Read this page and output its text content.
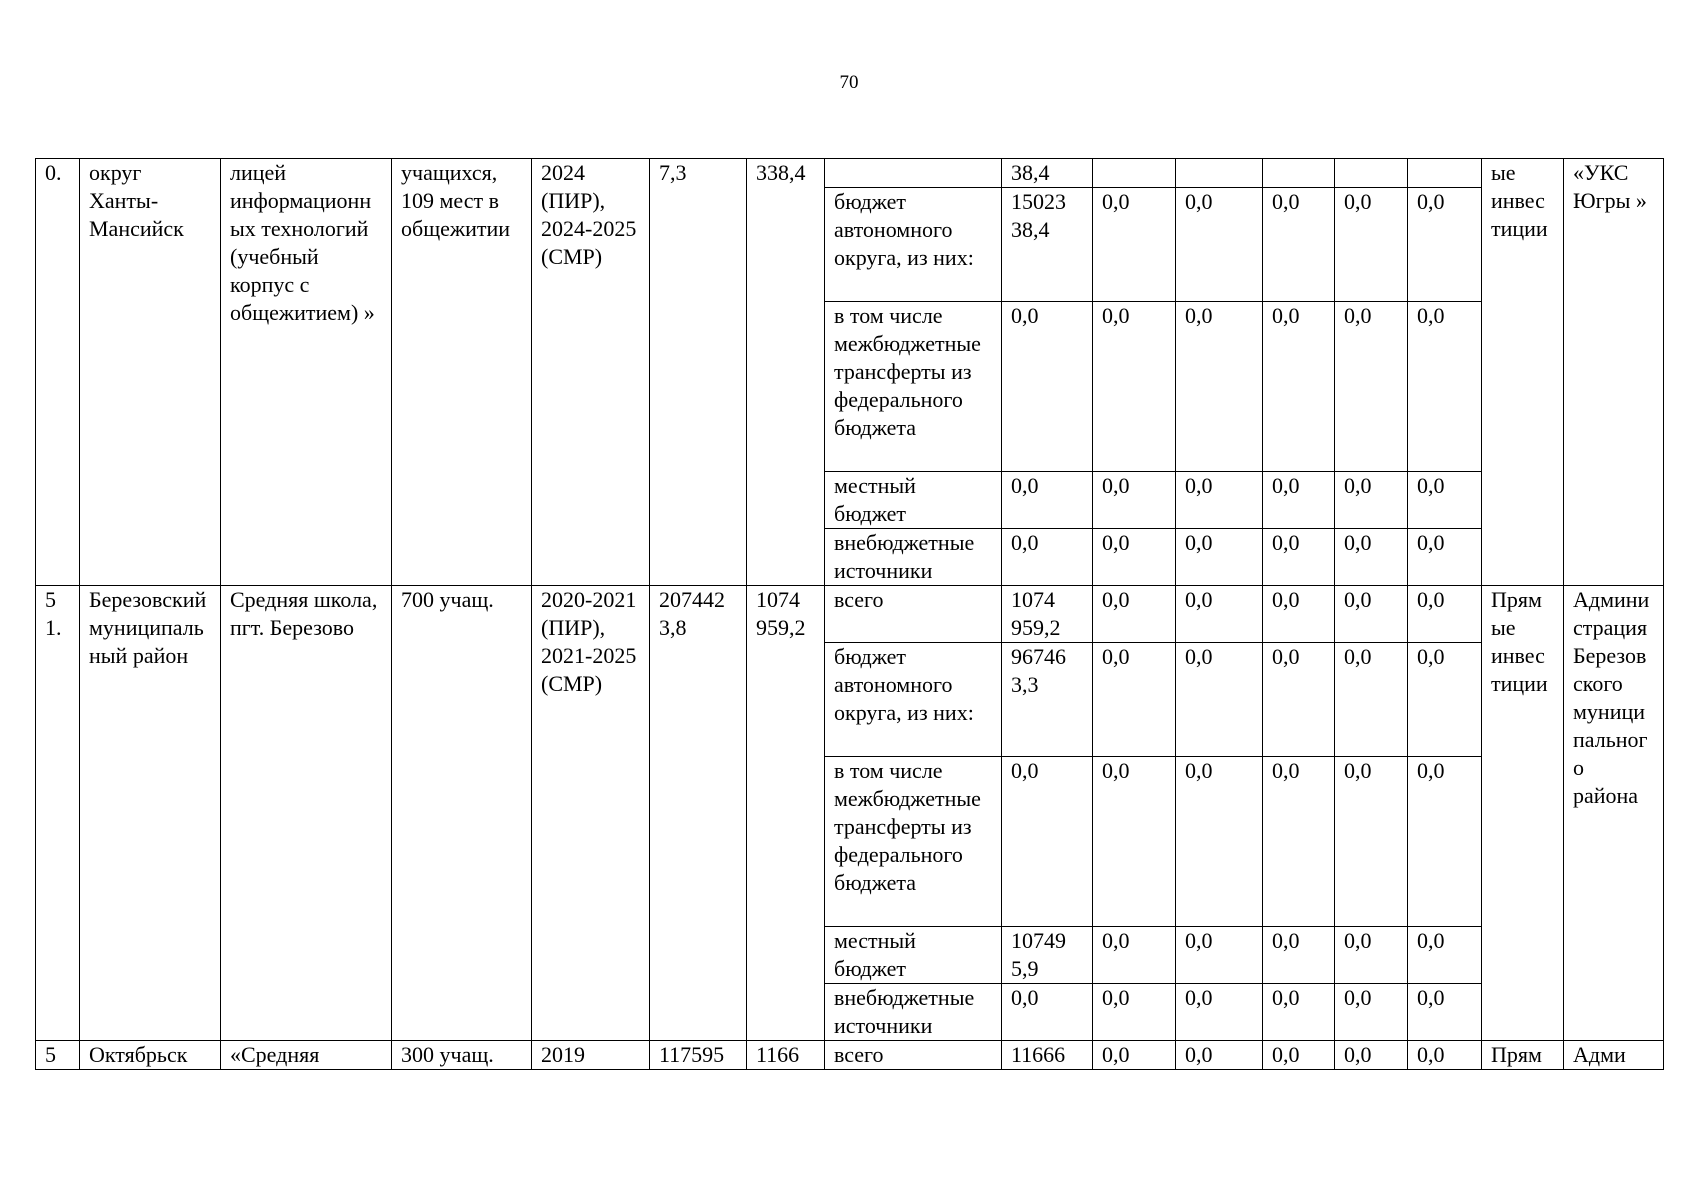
70
0.	округ Ханты-Мансийск	лицей информационных технологий (учебный корпус с общежитием) »	учащихся, 109 мест в общежитии	2024 (ПИР), 2024-2025 (СМР)	7,3	338,4		38,4						ые инвестиции	«УКС Югры »
							бюджет автономного округа, из них:	15023 38,4	0,0	0,0	0,0	0,0	0,0		
							в том числе межбюджетные трансферты из федерального бюджета	0,0	0,0	0,0	0,0	0,0	0,0		
							местный бюджет	0,0	0,0	0,0	0,0	0,0	0,0		
							внебюджетные источники	0,0	0,0	0,0	0,0	0,0	0,0		
5 1.	Березовский муниципальный район	Средняя школа, пгт. Березово	700 учащ.	2020-2021 (ПИР), 2021-2025 (СМР)	207442 3,8	1074 959,2	всего	1074 959,2	0,0	0,0	0,0	0,0	0,0	Прямые инвестиции	Администрация Березовского муниципального района
							бюджет автономного округа, из них:	96746 3,3	0,0	0,0	0,0	0,0	0,0		
							в том числе межбюджетные трансферты из федерального бюджета	0,0	0,0	0,0	0,0	0,0	0,0		
							местный бюджет	10749 5,9	0,0	0,0	0,0	0,0	0,0		
							внебюджетные источники	0,0	0,0	0,0	0,0	0,0	0,0		
5	Октябрьск	«Средняя	300 учащ.	2019	117595	1166	всего	11666	0,0	0,0	0,0	0,0	0,0	Прям	Адми
